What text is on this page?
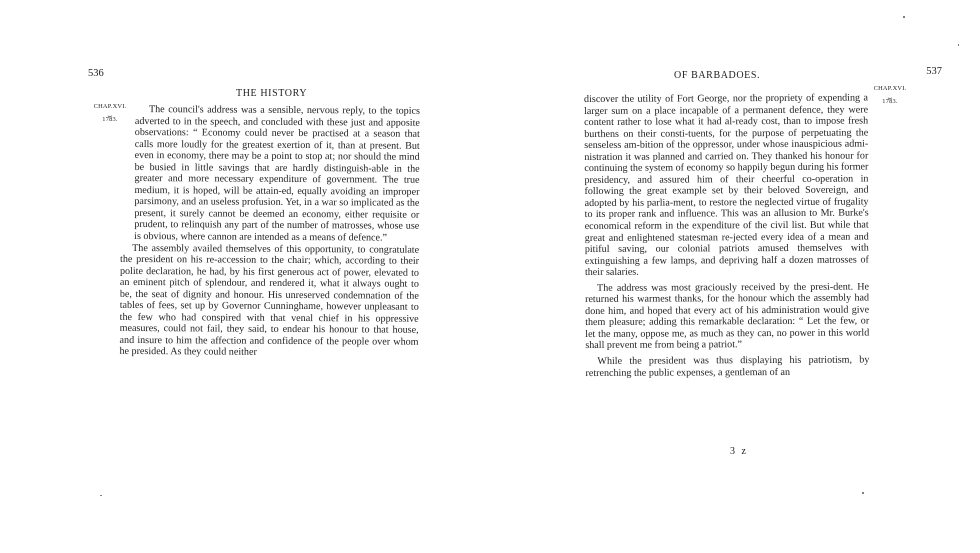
536
THE HISTORY
CHAP.XVI.
⏟
1783.

The council's address was a sensible, nervous reply, to the topics adverted to in the speech, and concluded with these just and apposite observations: “ Economy could never be practised at a season that calls more loudly for the greatest exertion of it, than at present. But even in economy, there may be a point to stop at; nor should the mind be busied in little savings that are hardly distinguish-able in the greater and more necessary expenditure of government. The true medium, it is hoped, will be attain-ed, equally avoiding an improper parsimony, and an useless profusion. Yet, in a war so implicated as the present, it surely cannot be deemed an economy, either requisite or prudent, to relinquish any part of the number of matrosses, whose use is obvious, where cannon are intended as a means of defence.”

The assembly availed themselves of this opportunity, to congratulate the president on his re-accession to the chair; which, according to their polite declaration, he had, by his first generous act of power, elevated to an eminent pitch of splendour, and rendered it, what it always ought to be, the seat of dignity and honour. His unreserved condemnation of the tables of fees, set up by Governor Cunninghame, however unpleasant to the few who had conspired with that venal chief in his oppressive measures, could not fail, they said, to endear his honour to that house, and insure to him the affection and confidence of the people over whom he presided. As they could neither

OF BARBADOES.	537
CHAP.XVI.
⏟
1783.

discover the utility of Fort George, nor the propriety of expending a larger sum on a place incapable of a permanent defence, they were content rather to lose what it had al-ready cost, than to impose fresh burthens on their consti-tuents, for the purpose of perpetuating the senseless am-bition of the oppressor, under whose inauspicious admi-nistration it was planned and carried on. They thanked his honour for continuing the system of economy so happily begun during his former presidency, and assured him of their cheerful co-operation in following the great example set by their beloved Sovereign, and adopted by his parlia-ment, to restore the neglected virtue of frugality to its proper rank and influence. This was an allusion to Mr. Burke's economical reform in the expenditure of the civil list. But while that great and enlightened statesman re-jected every idea of a mean and pitiful saving, our colonial patriots amused themselves with extinguishing a few lamps, and depriving half a dozen matrosses of their salaries.

The address was most graciously received by the presi-dent. He returned his warmest thanks, for the honour which the assembly had done him, and hoped that every act of his administration would give them pleasure; adding this remarkable declaration: “ Let the few, or let the many, oppose me, as much as they can, no power in this world shall prevent me from being a patriot.”

While the president was thus displaying his patriotism, by retrenching the public expenses, a gentleman of an

3 z
